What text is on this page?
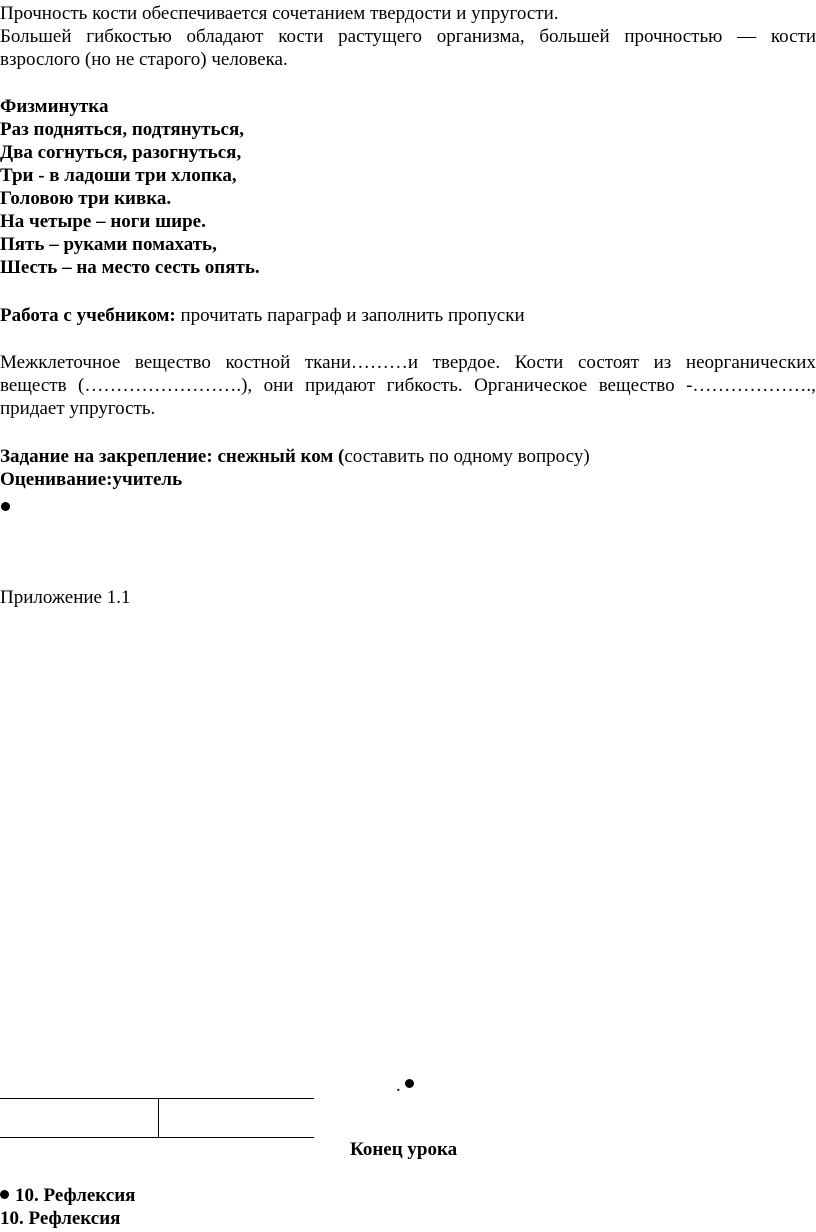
Прочность кости обеспечивается сочетанием твердости и упругости.
Большей гибкостью обладают кости растущего организма, большей прочностью — кости
взрослого (но не старого) человека.
Физминутка
Раз подняться, подтянуться,
Два согнуться, разогнуться,
Три - в ладоши три хлопка,
Головою три кивка.
На четыре – ноги шире.
Пять – руками помахать,
Шесть – на место сесть опять.
Работа с учебником: прочитать параграф и заполнить пропуски
Межклеточное вещество костной ткани………и твердое. Кости состоят из неорганических
веществ (…………………….), они придают гибкость. Органическое вещество -……………….,
придает упругость.
Задание на закрепление: снежный ком (составить по одному вопросу)
Оценивание:учитель
Приложение 1.1
.
Конец урока
10. Рефлексия
10. Рефлексия
